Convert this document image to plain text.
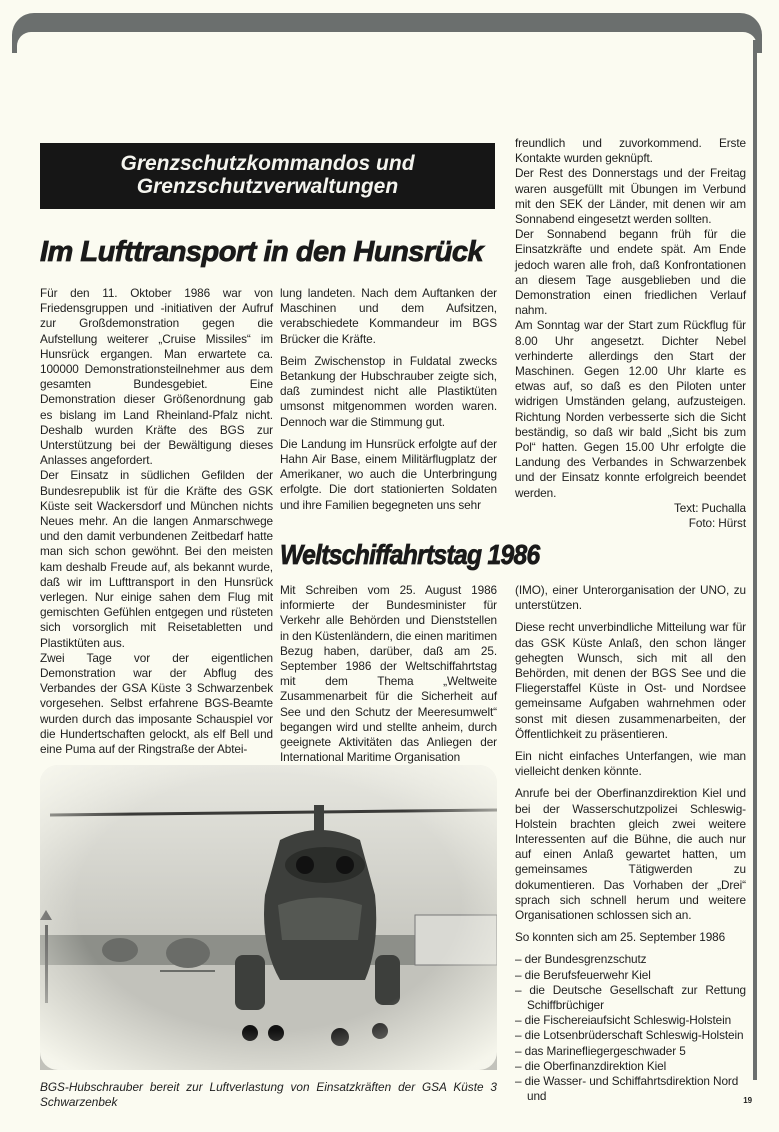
Grenzschutzkommandos und
Grenzschutzverwaltungen
Im Lufttransport in den Hunsrück

Für den 11. Oktober 1986 war von Friedensgruppen und -initiativen der Aufruf zur Großdemonstration gegen die Aufstellung weiterer „Cruise Missiles“ im Hunsrück ergangen. Man erwartete ca. 100000 Demonstrationsteilnehmer aus dem gesamten Bundesgebiet. Eine Demonstration dieser Größenordnung gab es bislang im Land Rheinland-Pfalz nicht. Deshalb wurden Kräfte des BGS zur Unterstützung bei der Bewältigung dieses Anlasses angefordert.

Der Einsatz in südlichen Gefilden der Bundesrepublik ist für die Kräfte des GSK Küste seit Wackersdorf und München nichts Neues mehr. An die langen Anmarschwege und den damit verbundenen Zeitbedarf hatte man sich schon gewöhnt. Bei den meisten kam deshalb Freude auf, als bekannt wurde, daß wir im Lufttransport in den Hunsrück verlegen. Nur einige sahen dem Flug mit gemischten Gefühlen entgegen und rüsteten sich vorsorglich mit Reisetabletten und Plastiktüten aus.

Zwei Tage vor der eigentlichen Demonstration war der Abflug des Verbandes der GSA Küste 3 Schwarzenbek vorgesehen. Selbst erfahrene BGS-Beamte wurden durch das imposante Schauspiel vor die Hundertschaften gelockt, als elf Bell und eine Puma auf der Ringstraße der Abtei-

lung landeten. Nach dem Auftanken der Maschinen und dem Aufsitzen, verabschiedete Kommandeur im BGS Brücker die Kräfte.

Beim Zwischenstop in Fuldatal zwecks Betankung der Hubschrauber zeigte sich, daß zumindest nicht alle Plastiktüten umsonst mitgenommen worden waren. Dennoch war die Stimmung gut.

Die Landung im Hunsrück erfolgte auf der Hahn Air Base, einem Militärflugplatz der Amerikaner, wo auch die Unterbringung erfolgte. Die dort stationierten Soldaten und ihre Familien begegneten uns sehr

freundlich und zuvorkommend. Erste Kontakte wurden geknüpft.

Der Rest des Donnerstags und der Freitag waren ausgefüllt mit Übungen im Verbund mit den SEK der Länder, mit denen wir am Sonnabend eingesetzt werden sollten.

Der Sonnabend begann früh für die Einsatzkräfte und endete spät. Am Ende jedoch waren alle froh, daß Konfrontationen an diesem Tage ausgeblieben und die Demonstration einen friedlichen Verlauf nahm.

Am Sonntag war der Start zum Rückflug für 8.00 Uhr angesetzt. Dichter Nebel verhinderte allerdings den Start der Maschinen. Gegen 12.00 Uhr klarte es etwas auf, so daß es den Piloten unter widrigen Umständen gelang, aufzusteigen. Richtung Norden verbesserte sich die Sicht beständig, so daß wir bald „Sicht bis zum Pol“ hatten. Gegen 15.00 Uhr erfolgte die Landung des Verbandes in Schwarzenbek und der Einsatz konnte erfolgreich beendet werden.

Text: Puchalla

Foto: Hürst

Weltschiffahrtstag 1986

Mit Schreiben vom 25. August 1986 informierte der Bundesminister für Verkehr alle Behörden und Dienststellen in den Küstenländern, die einen maritimen Bezug haben, darüber, daß am 25. September 1986 der Weltschiffahrtstag mit dem Thema „Weltweite Zusammenarbeit für die Sicherheit auf See und den Schutz der Meeresumwelt“ begangen wird und stellte anheim, durch geeignete Aktivitäten das Anliegen der International Maritime Organisation

(IMO), einer Unterorganisation der UNO, zu unterstützen.

Diese recht unverbindliche Mitteilung war für das GSK Küste Anlaß, den schon länger gehegten Wunsch, sich mit all den Behörden, mit denen der BGS See und die Fliegerstaffel Küste in Ost- und Nordsee gemeinsame Aufgaben wahrnehmen oder sonst mit diesen zusammenarbeiten, der Öffentlichkeit zu präsentieren.

Ein nicht einfaches Unterfangen, wie man vielleicht denken könnte.

Anrufe bei der Oberfinanzdirektion Kiel und bei der Wasserschutzpolizei Schleswig-Holstein brachten gleich zwei weitere Interessenten auf die Bühne, die auch nur auf einen Anlaß gewartet hatten, um gemeinsames Tätigwerden zu dokumentieren. Das Vorhaben der „Drei“ sprach sich schnell herum und weitere Organisationen schlossen sich an.

So konnten sich am 25. September 1986

– der Bundesgrenzschutz
– die Berufsfeuerwehr Kiel
– die Deutsche Gesellschaft zur Rettung Schiffbrüchiger
– die Fischereiaufsicht Schleswig-Holstein
– die Lotsenbrüderschaft Schleswig-Holstein
– das Marinefliegergeschwader 5
– die Oberfinanzdirektion Kiel
– die Wasser- und Schiffahrtsdirektion Nord
19
und
BGS-Hubschrauber bereit zur Luftverlastung von Einsatzkräften der GSA Küste 3 Schwarzenbek
